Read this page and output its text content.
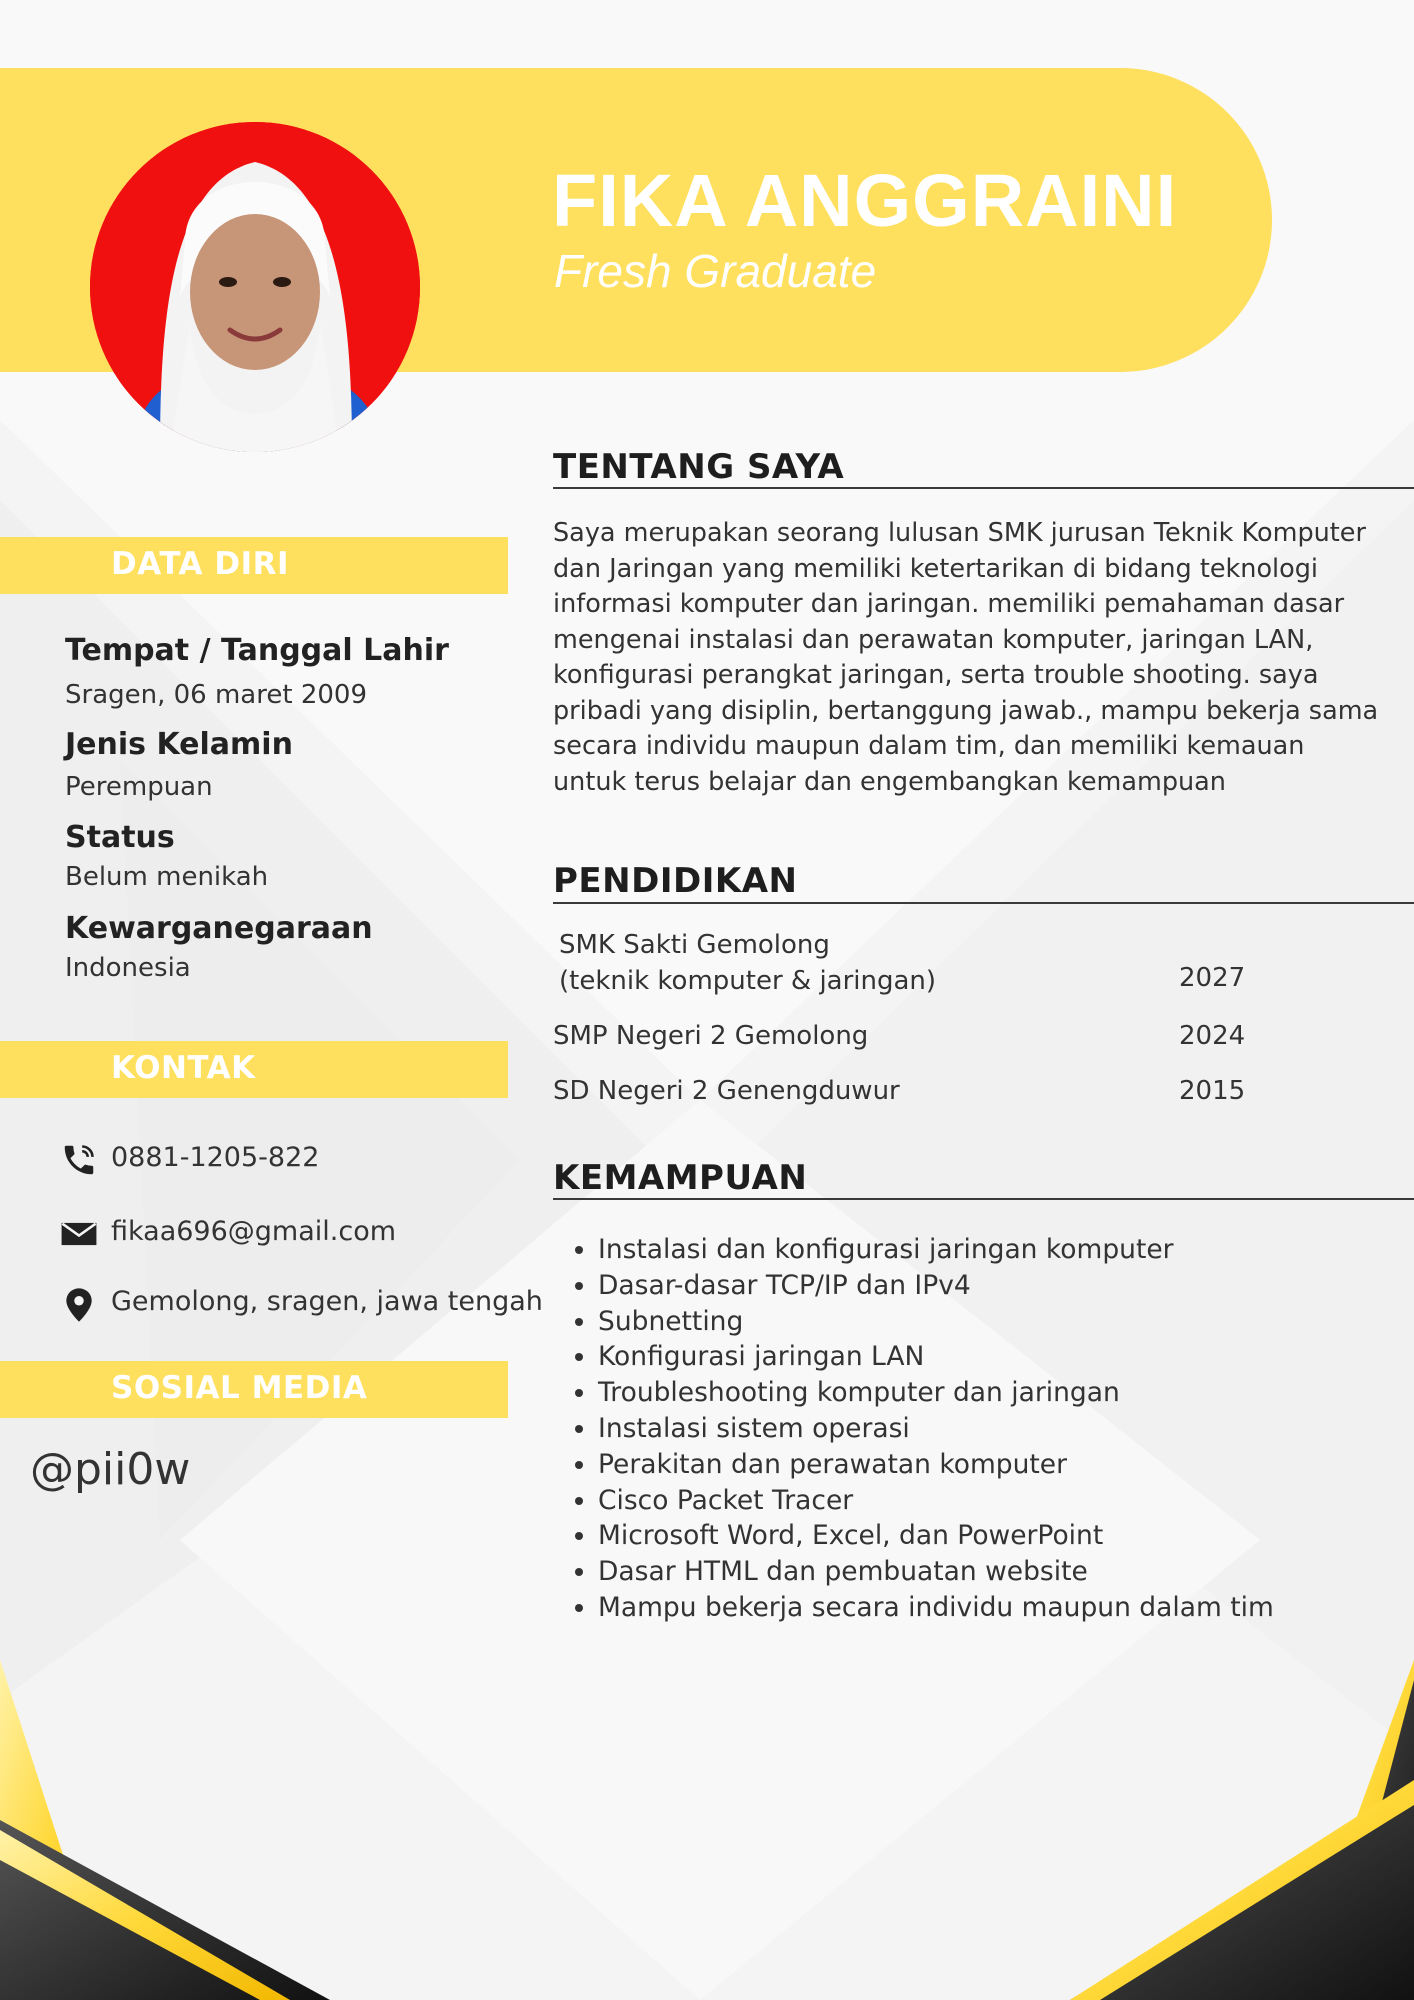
FIKA ANGGRAINI

Fresh Graduate

DATA DIRI
Tempat / Tanggal Lahir
Sragen, 06 maret 2009
Jenis Kelamin
Perempuan
Status
Belum menikah
Kewarganegaraan
Indonesia
KONTAK
0881-1205-822
fikaa696@gmail.com
Gemolong, sragen, jawa tengah
SOSIAL MEDIA
@pii0w
TENTANG SAYA

Saya merupakan seorang lulusan SMK jurusan Teknik Komputer dan Jaringan yang memiliki ketertarikan di bidang teknologi informasi komputer dan jaringan. memiliki pemahaman dasar mengenai instalasi dan perawatan komputer, jaringan LAN, konfigurasi perangkat jaringan, serta trouble shooting. saya pribadi yang disiplin, bertanggung jawab., mampu bekerja sama secara individu maupun dalam tim, dan memiliki kemauan untuk terus belajar dan engembangkan kemampuan

PENDIDIKAN
SMK Sakti Gemolong
(teknik komputer & jaringan)	2027
SMP Negeri 2 Gemolong	2024
SD Negeri 2 Genengduwur	2015
KEMAMPUAN
• Instalasi dan konfigurasi jaringan komputer
• Dasar-dasar TCP/IP dan IPv4
• Subnetting
• Konfigurasi jaringan LAN
• Troubleshooting komputer dan jaringan
• Instalasi sistem operasi
• Perakitan dan perawatan komputer
• Cisco Packet Tracer
• Microsoft Word, Excel, dan PowerPoint
• Dasar HTML dan pembuatan website
• Mampu bekerja secara individu maupun dalam tim
